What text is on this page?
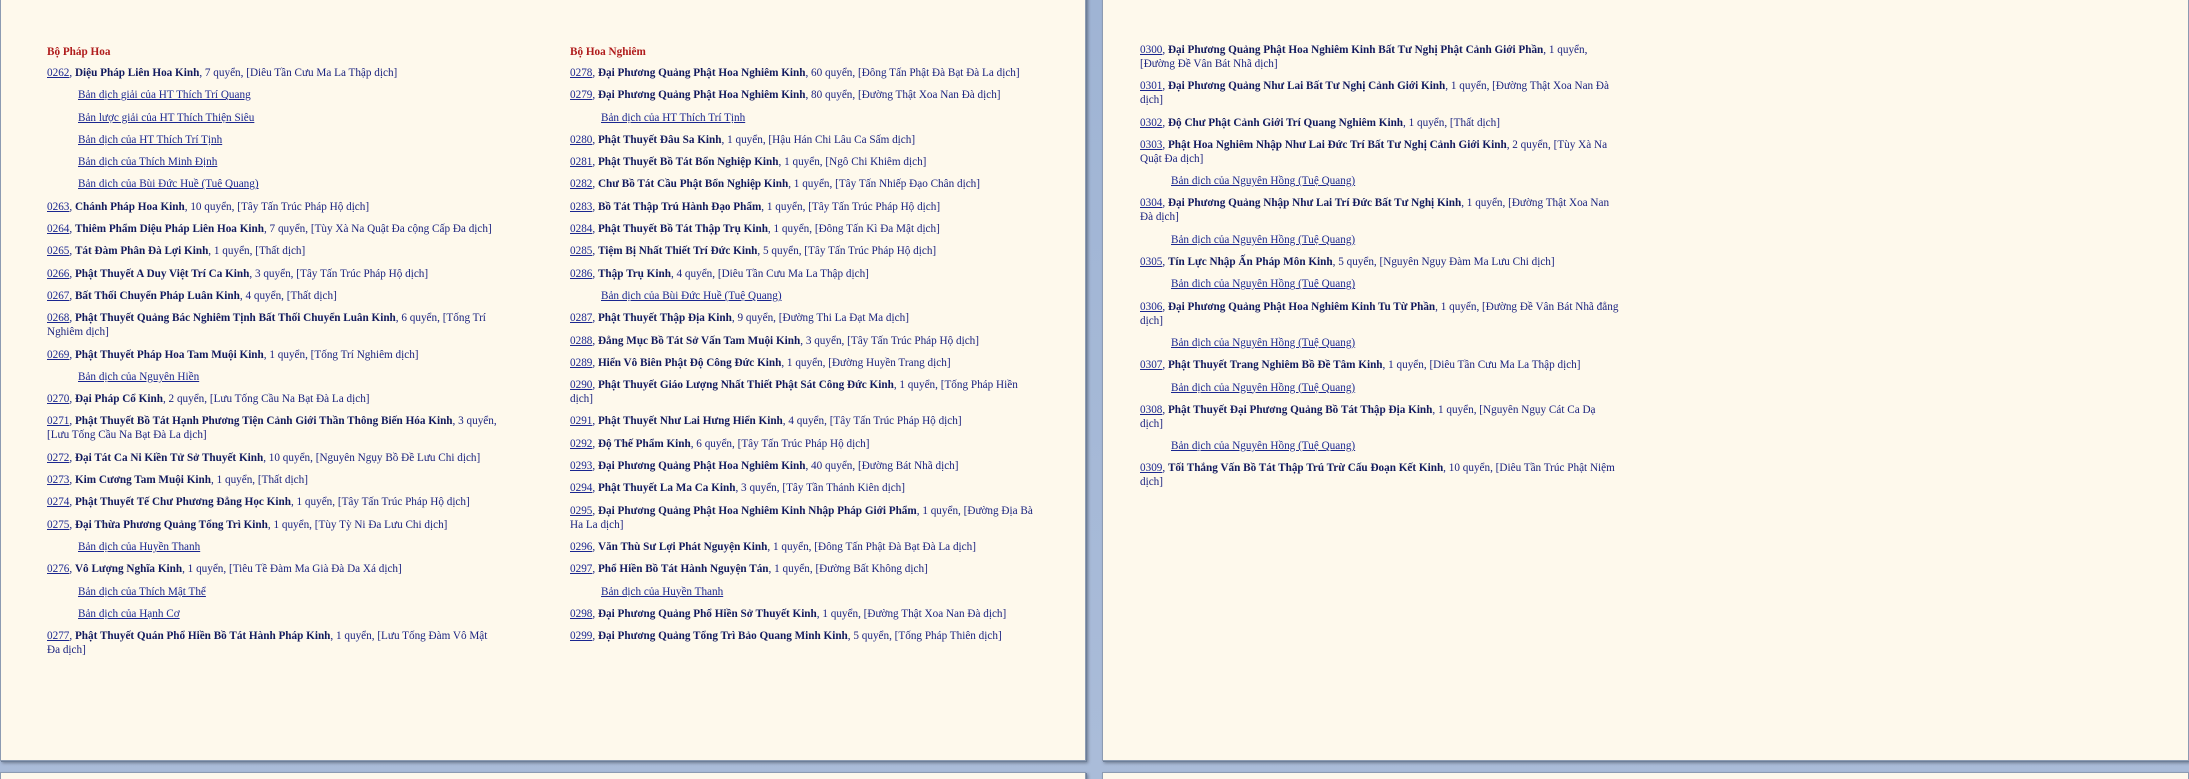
Bộ Pháp Hoa
0262, Diệu Pháp Liên Hoa Kinh, 7 quyển, [Diêu Tần Cưu Ma La Thập dịch]
Bản dịch giải của HT Thích Trí Quang
Bản lược giải của HT Thích Thiện Siêu
Bản dịch của HT Thích Trí Tịnh
Bản dịch của Thích Minh Định
Bản dịch của Bùi Đức Huề (Tuệ Quang)
0263, Chánh Pháp Hoa Kinh, 10 quyển, [Tây Tấn Trúc Pháp Hộ dịch]
0264, Thiêm Phẩm Diệu Pháp Liên Hoa Kinh, 7 quyển, [Tùy Xà Na Quật Đa cộng Cấp Đa dịch]
0265, Tát Đàm Phân Đà Lợi Kinh, 1 quyển, [Thất dịch]
0266, Phật Thuyết A Duy Việt Trí Ca Kinh, 3 quyển, [Tây Tấn Trúc Pháp Hộ dịch]
0267, Bất Thối Chuyển Pháp Luân Kinh, 4 quyển, [Thất dịch]
0268, Phật Thuyết Quảng Bác Nghiêm Tịnh Bất Thối Chuyển Luân Kinh, 6 quyển, [Tống Trí Nghiêm dịch]
0269, Phật Thuyết Pháp Hoa Tam Muội Kinh, 1 quyển, [Tống Trí Nghiêm dịch]
Bản dịch của Nguyên Hiền
0270, Đại Pháp Cổ Kinh, 2 quyển, [Lưu Tống Cầu Na Bạt Đà La dịch]
0271, Phật Thuyết Bồ Tát Hạnh Phương Tiện Cảnh Giới Thần Thông Biến Hóa Kinh, 3 quyển, [Lưu Tống Cầu Na Bạt Đà La dịch]
0272, Đại Tát Ca Ni Kiền Tử Sở Thuyết Kinh, 10 quyển, [Nguyên Ngụy Bồ Đề Lưu Chi dịch]
0273, Kim Cương Tam Muội Kinh, 1 quyển, [Thất dịch]
0274, Phật Thuyết Tế Chư Phương Đẳng Học Kinh, 1 quyển, [Tây Tấn Trúc Pháp Hộ dịch]
0275, Đại Thừa Phương Quảng Tổng Trì Kinh, 1 quyển, [Tùy Tỳ Ni Đa Lưu Chi dịch]
Bản dịch của Huyền Thanh
0276, Vô Lượng Nghĩa Kinh, 1 quyển, [Tiêu Tề Đàm Ma Già Đà Da Xá dịch]
Bản dịch của Thích Mật Thể
Bản dịch của Hạnh Cơ
0277, Phật Thuyết Quán Phổ Hiền Bồ Tát Hành Pháp Kinh, 1 quyển, [Lưu Tống Đàm Vô Mật Đa dịch]
Bộ Hoa Nghiêm
0278, Đại Phương Quảng Phật Hoa Nghiêm Kinh, 60 quyển, [Đông Tấn Phật Đà Bạt Đà La dịch]
0279, Đại Phương Quảng Phật Hoa Nghiêm Kinh, 80 quyển, [Đường Thật Xoa Nan Đà dịch]
Bản dịch của HT Thích Trí Tịnh
0280, Phật Thuyết Đâu Sa Kinh, 1 quyển, [Hậu Hán Chi Lâu Ca Sấm dịch]
0281, Phật Thuyết Bồ Tát Bổn Nghiệp Kinh, 1 quyển, [Ngô Chi Khiêm dịch]
0282, Chư Bồ Tát Cầu Phật Bổn Nghiệp Kinh, 1 quyển, [Tây Tấn Nhiếp Đạo Chân dịch]
0283, Bồ Tát Thập Trú Hành Đạo Phẩm, 1 quyển, [Tây Tấn Trúc Pháp Hộ dịch]
0284, Phật Thuyết Bồ Tát Thập Trụ Kinh, 1 quyển, [Đông Tấn Kì Đa Mật dịch]
0285, Tiệm Bị Nhất Thiết Trí Đức Kinh, 5 quyển, [Tây Tấn Trúc Pháp Hộ dịch]
0286, Thập Trụ Kinh, 4 quyển, [Diêu Tần Cưu Ma La Thập dịch]
Bản dịch của Bùi Đức Huề (Tuệ Quang)
0287, Phật Thuyết Thập Địa Kinh, 9 quyển, [Đường Thi La Đạt Ma dịch]
0288, Đẳng Mục Bồ Tát Sở Vấn Tam Muội Kinh, 3 quyển, [Tây Tấn Trúc Pháp Hộ dịch]
0289, Hiển Vô Biên Phật Độ Công Đức Kinh, 1 quyển, [Đường Huyền Trang dịch]
0290, Phật Thuyết Giáo Lượng Nhất Thiết Phật Sát Công Đức Kinh, 1 quyển, [Tống Pháp Hiền dịch]
0291, Phật Thuyết Như Lai Hưng Hiển Kinh, 4 quyển, [Tây Tấn Trúc Pháp Hộ dịch]
0292, Độ Thế Phẩm Kinh, 6 quyển, [Tây Tấn Trúc Pháp Hộ dịch]
0293, Đại Phương Quảng Phật Hoa Nghiêm Kinh, 40 quyển, [Đường Bát Nhã dịch]
0294, Phật Thuyết La Ma Ca Kinh, 3 quyển, [Tây Tần Thánh Kiên dịch]
0295, Đại Phương Quảng Phật Hoa Nghiêm Kinh Nhập Pháp Giới Phẩm, 1 quyển, [Đường Địa Bà Ha La dịch]
0296, Văn Thù Sư Lợi Phát Nguyện Kinh, 1 quyển, [Đông Tấn Phật Đà Bạt Đà La dịch]
0297, Phổ Hiền Bồ Tát Hành Nguyện Tán, 1 quyển, [Đường Bất Không dịch]
Bản dịch của Huyền Thanh
0298, Đại Phương Quảng Phổ Hiền Sở Thuyết Kinh, 1 quyển, [Đường Thật Xoa Nan Đà dịch]
0299, Đại Phương Quảng Tổng Trì Bảo Quang Minh Kinh, 5 quyển, [Tống Pháp Thiên dịch]
0300, Đại Phương Quảng Phật Hoa Nghiêm Kinh Bất Tư Nghị Phật Cảnh Giới Phần, 1 quyển, [Đường Đề Vân Bát Nhã dịch]
0301, Đại Phương Quảng Như Lai Bất Tư Nghị Cảnh Giới Kinh, 1 quyển, [Đường Thật Xoa Nan Đà dịch]
0302, Độ Chư Phật Cảnh Giới Trí Quang Nghiêm Kinh, 1 quyển, [Thất dịch]
0303, Phật Hoa Nghiêm Nhập Như Lai Đức Trí Bất Tư Nghị Cảnh Giới Kinh, 2 quyển, [Tùy Xà Na Quật Đa dịch]
Bản dịch của Nguyên Hồng (Tuệ Quang)
0304, Đại Phương Quảng Nhập Như Lai Trí Đức Bất Tư Nghị Kinh, 1 quyển, [Đường Thật Xoa Nan Đà dịch]
Bản dịch của Nguyên Hồng (Tuệ Quang)
0305, Tín Lực Nhập Ấn Pháp Môn Kinh, 5 quyển, [Nguyên Ngụy Đàm Ma Lưu Chi dịch]
Bản dịch của Nguyên Hồng (Tuệ Quang)
0306, Đại Phương Quảng Phật Hoa Nghiêm Kinh Tu Từ Phần, 1 quyển, [Đường Đề Vân Bát Nhã đẳng dịch]
Bản dịch của Nguyên Hồng (Tuệ Quang)
0307, Phật Thuyết Trang Nghiêm Bồ Đề Tâm Kinh, 1 quyển, [Diêu Tần Cưu Ma La Thập dịch]
Bản dịch của Nguyên Hồng (Tuệ Quang)
0308, Phật Thuyết Đại Phương Quảng Bồ Tát Thập Địa Kinh, 1 quyển, [Nguyên Ngụy Cát Ca Dạ dịch]
Bản dịch của Nguyên Hồng (Tuệ Quang)
0309, Tối Thắng Vấn Bồ Tát Thập Trú Trừ Cấu Đoạn Kết Kinh, 10 quyển, [Diêu Tần Trúc Phật Niệm dịch]
